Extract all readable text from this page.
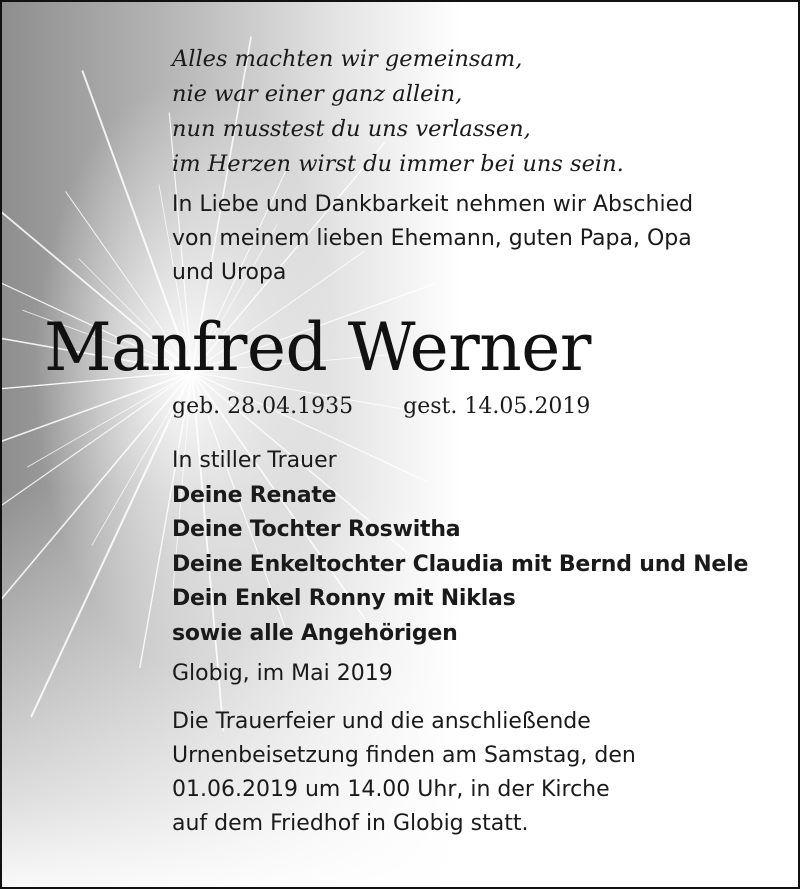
Alles machten wir gemeinsam,
nie war einer ganz allein,
nun musstest du uns verlassen,
im Herzen wirst du immer bei uns sein.
In Liebe und Dankbarkeit nehmen wir Abschied
von meinem lieben Ehemann, guten Papa, Opa
und Uropa
Manfred Werner
geb. 28.04.1935 gest. 14.05.2019
In stiller Trauer
Deine Renate
Deine Tochter Roswitha
Deine Enkeltochter Claudia mit Bernd und Nele
Dein Enkel Ronny mit Niklas
sowie alle Angehörigen
Globig, im Mai 2019
Die Trauerfeier und die anschließende
Urnenbeisetzung finden am Samstag, den
01.06.2019 um 14.00 Uhr, in der Kirche
auf dem Friedhof in Globig statt.
